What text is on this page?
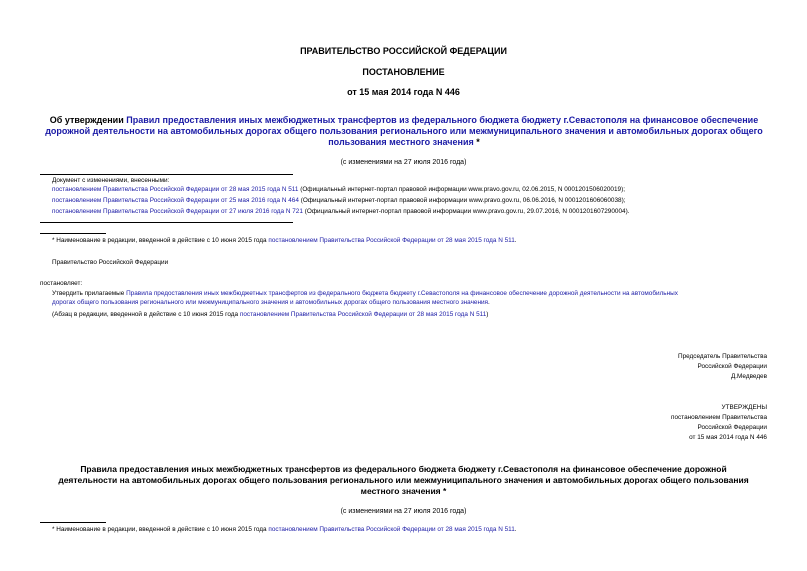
ПРАВИТЕЛЬСТВО РОССИЙСКОЙ ФЕДЕРАЦИИ
ПОСТАНОВЛЕНИЕ
от 15 мая 2014 года N 446
Об утверждении Правил предоставления иных межбюджетных трансфертов из федерального бюджета бюджету г.Севастополя на финансовое обеспечение дорожной деятельности на автомобильных дорогах общего пользования регионального или межмуниципального значения и автомобильных дорогах общего пользования местного значения *
(с изменениями на 27 июля 2016 года)
Документ с изменениями, внесенными:
постановлением Правительства Российской Федерации от 28 мая 2015 года N 511 (Официальный интернет-портал правовой информации www.pravo.gov.ru, 02.06.2015, N 0001201506020019);
постановлением Правительства Российской Федерации от 25 мая 2016 года N 464 (Официальный интернет-портал правовой информации www.pravo.gov.ru, 06.06.2016, N 0001201606060038);
постановлением Правительства Российской Федерации от 27 июля 2016 года N 721 (Официальный интернет-портал правовой информации www.pravo.gov.ru, 29.07.2016, N 0001201607290004).
* Наименование в редакции, введенной в действие с 10 июня 2015 года постановлением Правительства Российской Федерации от 28 мая 2015 года N 511.
Правительство Российской Федерации
постановляет:
Утвердить прилагаемые Правила предоставления иных межбюджетных трансфертов из федерального бюджета бюджету г.Севастополя на финансовое обеспечение дорожной деятельности на автомобильных
дорогах общего пользования регионального или межмуниципального значения и автомобильных дорогах общего пользования местного значения.
(Абзац в редакции, введенной в действие с 10 июня 2015 года постановлением Правительства Российской Федерации от 28 мая 2015 года N 511)
Председатель Правительства
Российской Федерации
Д.Медведев
УТВЕРЖДЕНЫ
постановлением Правительства
Российской Федерации
от 15 мая 2014 года N 446
Правила предоставления иных межбюджетных трансфертов из федерального бюджета бюджету г.Севастополя на финансовое обеспечение дорожной
деятельности на автомобильных дорогах общего пользования регионального или межмуниципального значения и автомобильных дорогах общего пользования
местного значения *
(с изменениями на 27 июля 2016 года)
* Наименование в редакции, введенной в действие с 10 июня 2015 года постановлением Правительства Российской Федерации от 28 мая 2015 года N 511.
